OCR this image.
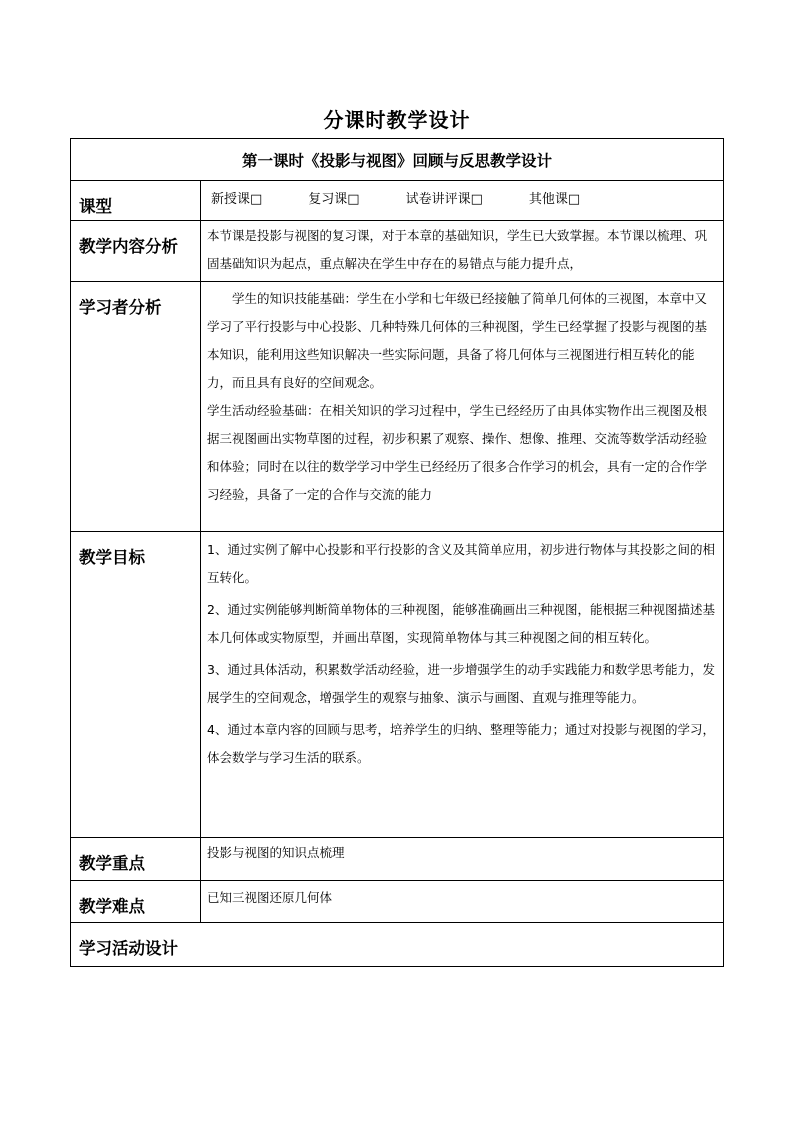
分课时教学设计
第一课时《投影与视图》回顾与反思教学设计	

课型	新授课□ 复习课□ 试卷讲评课□ 其他课□

教学内容分析	本节课是投影与视图的复习课，对于本章的基础知识，学生已大致掌握。本节课以梳理、巩固基础知识为起点，重点解决在学生中存在的易错点与能力提升点，

学习者分析	学生的知识技能基础：学生在小学和七年级已经接触了简单几何体的三视图，本章中又学习了平行投影与中心投影、几种特殊几何体的三种视图，学生已经掌握了投影与视图的基本知识，能利用这些知识解决一些实际问题，具备了将几何体与三视图进行相互转化的能力，而且具有良好的空间观念。
学生活动经验基础：在相关知识的学习过程中，学生已经经历了由具体实物作出三视图及根据三视图画出实物草图的过程，初步积累了观察、操作、想像、推理、交流等数学活动经验和体验；同时在以往的数学学习中学生已经经历了很多合作学习的机会，具有一定的合作学习经验，具备了一定的合作与交流的能力

教学目标	1、通过实例了解中心投影和平行投影的含义及其简单应用，初步进行物体与其投影之间的相互转化。
2、通过实例能够判断简单物体的三种视图，能够准确画出三种视图，能根据三种视图描述基本几何体或实物原型，并画出草图，实现简单物体与其三种视图之间的相互转化。
3、通过具体活动，积累数学活动经验，进一步增强学生的动手实践能力和数学思考能力，发展学生的空间观念，增强学生的观察与抽象、演示与画图、直观与推理等能力。
4、通过本章内容的回顾与思考，培养学生的归纳、整理等能力；通过对投影与视图的学习，体会数学与学习生活的联系。

教学重点	投影与视图的知识点梳理

教学难点	已知三视图还原几何体

学习活动设计	
